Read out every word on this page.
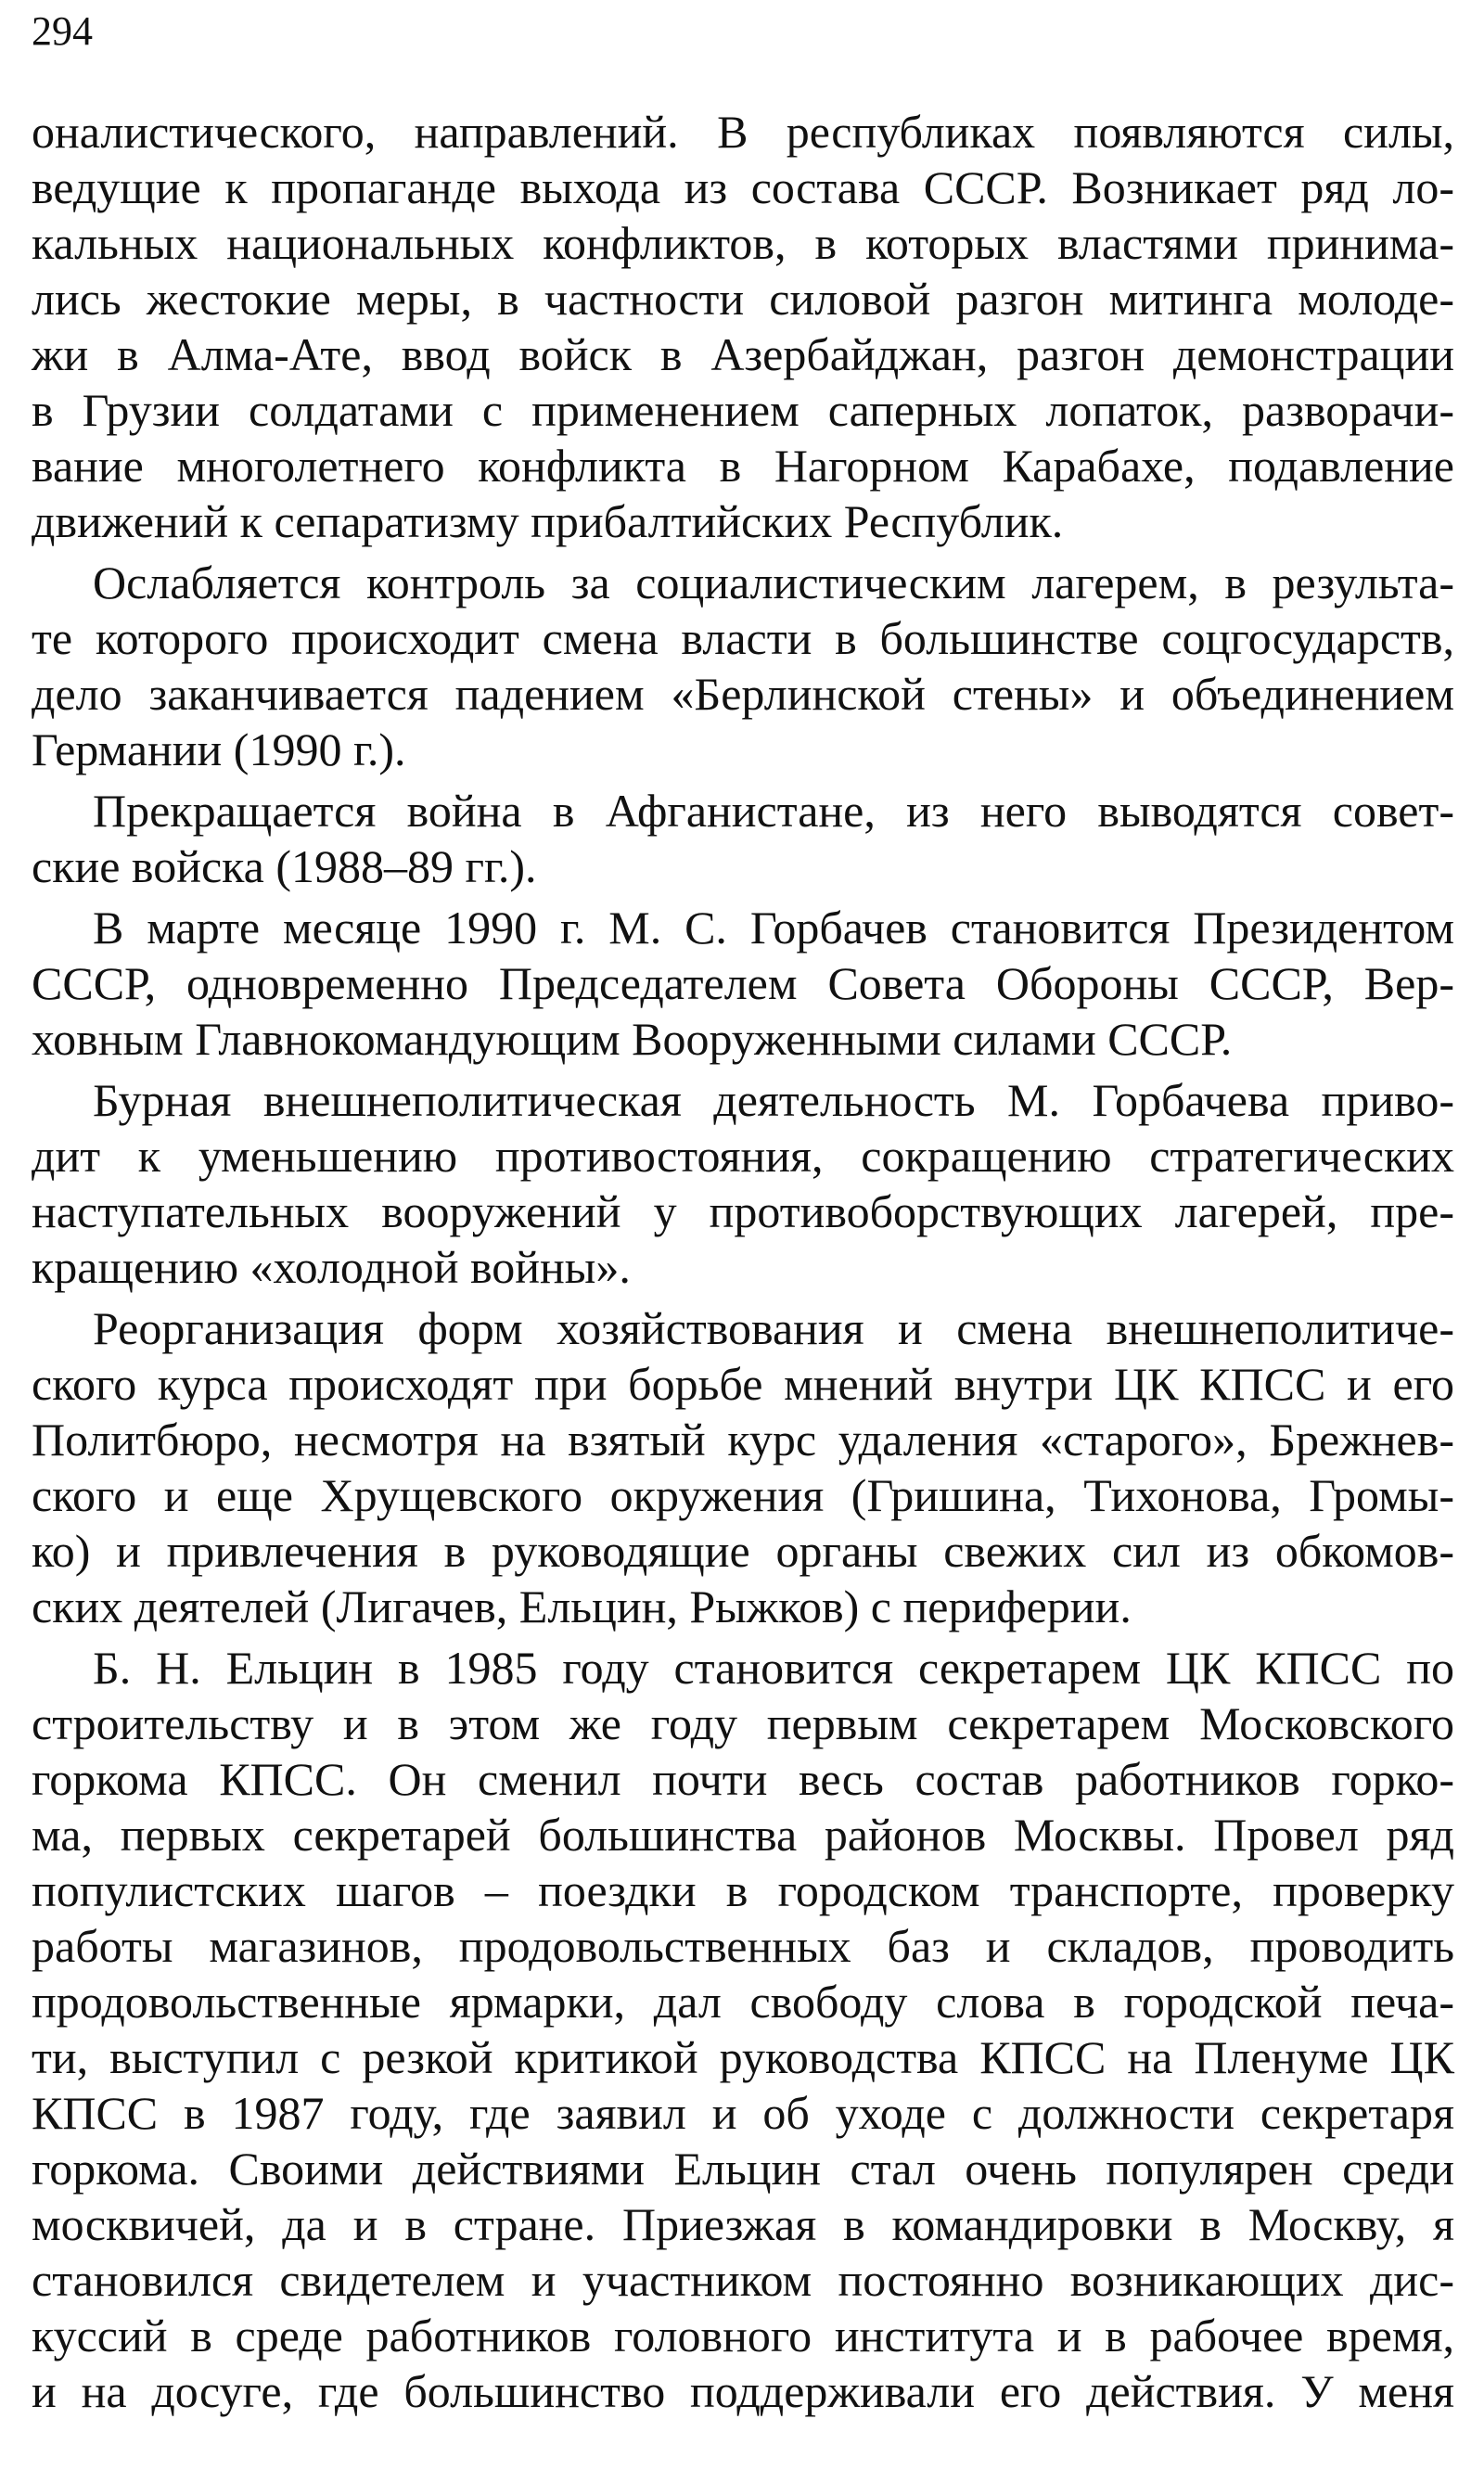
294
оналистического, направлений. В республиках появляются силы,
ведущие к пропаганде выхода из состава СССР. Возникает ряд ло-
кальных национальных конфликтов, в которых властями принима-
лись жестокие меры, в частности силовой разгон митинга молоде-
жи в Алма-Ате, ввод войск в Азербайджан, разгон демонстрации
в Грузии солдатами с применением саперных лопаток, разворачи-
вание многолетнего конфликта в Нагорном Карабахе, подавление
движений к сепаратизму прибалтийских Республик.
Ослабляется контроль за социалистическим лагерем, в результа-
те которого происходит смена власти в большинстве соцгосударств,
дело заканчивается падением «Берлинской стены» и объединением
Германии (1990 г.).
Прекращается война в Афганистане, из него выводятся совет-
ские войска (1988–89 гг.).
В марте месяце 1990 г. М. С. Горбачев становится Президентом
СССР, одновременно Председателем Совета Обороны СССР, Вер-
ховным Главнокомандующим Вооруженными силами СССР.
Бурная внешнеполитическая деятельность М. Горбачева приво-
дит к уменьшению противостояния, сокращению стратегических
наступательных вооружений у противоборствующих лагерей, пре-
кращению «холодной войны».
Реорганизация форм хозяйствования и смена внешнеполитиче-
ского курса происходят при борьбе мнений внутри ЦК КПСС и его
Политбюро, несмотря на взятый курс удаления «старого», Брежнев-
ского и еще Хрущевского окружения (Гришина, Тихонова, Громы-
ко) и привлечения в руководящие органы свежих сил из обкомов-
ских деятелей (Лигачев, Ельцин, Рыжков) с периферии.
Б. Н. Ельцин в 1985 году становится секретарем ЦК КПСС по
строительству и в этом же году первым секретарем Московского
горкома КПСС. Он сменил почти весь состав работников горко-
ма, первых секретарей большинства районов Москвы. Провел ряд
популистских шагов – поездки в городском транспорте, проверку
работы магазинов, продовольственных баз и складов, проводить
продовольственные ярмарки, дал свободу слова в городской печа-
ти, выступил с резкой критикой руководства КПСС на Пленуме ЦК
КПСС в 1987 году, где заявил и об уходе с должности секретаря
горкома. Своими действиями Ельцин стал очень популярен среди
москвичей, да и в стране. Приезжая в командировки в Москву, я
становился свидетелем и участником постоянно возникающих дис-
куссий в среде работников головного института и в рабочее время,
и на досуге, где большинство поддерживали его действия. У меня
